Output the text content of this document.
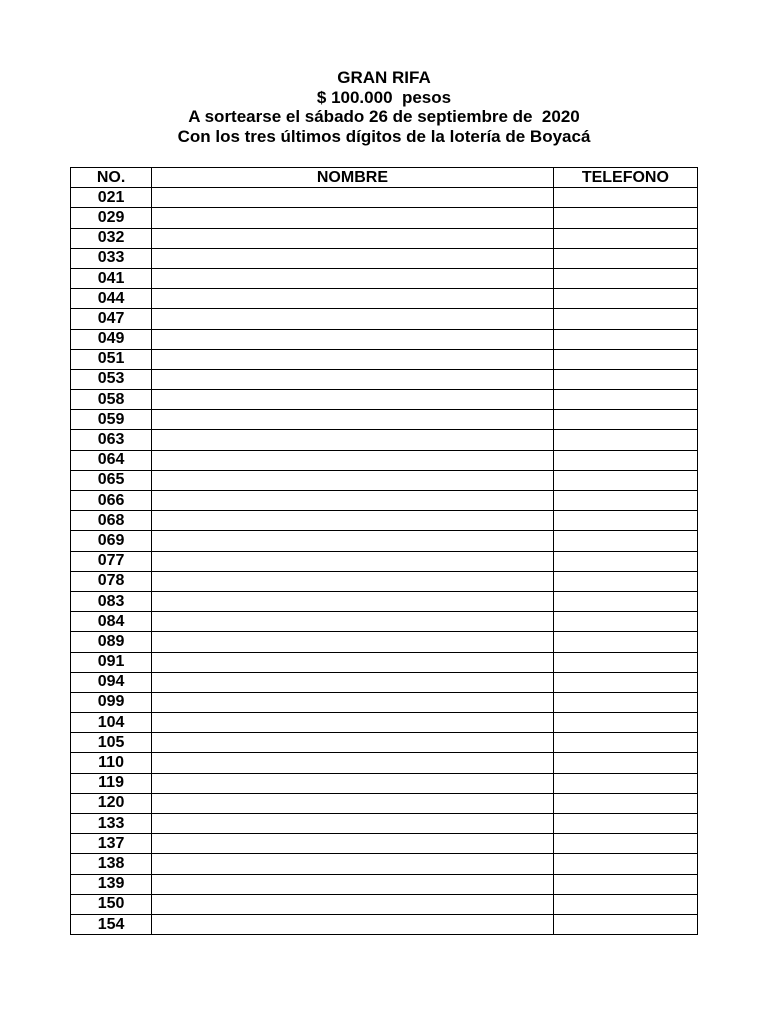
GRAN RIFA
$ 100.000  pesos
A sortearse el sábado 26 de septiembre de  2020
Con los tres últimos dígitos de la lotería de Boyacá
NO.	NOMBRE	TELEFONO
021		
029		
032		
033		
041		
044		
047		
049		
051		
053		
058		
059		
063		
064		
065		
066		
068		
069		
077		
078		
083		
084		
089		
091		
094		
099		
104		
105		
110		
119		
120		
133		
137		
138		
139		
150		
154		
